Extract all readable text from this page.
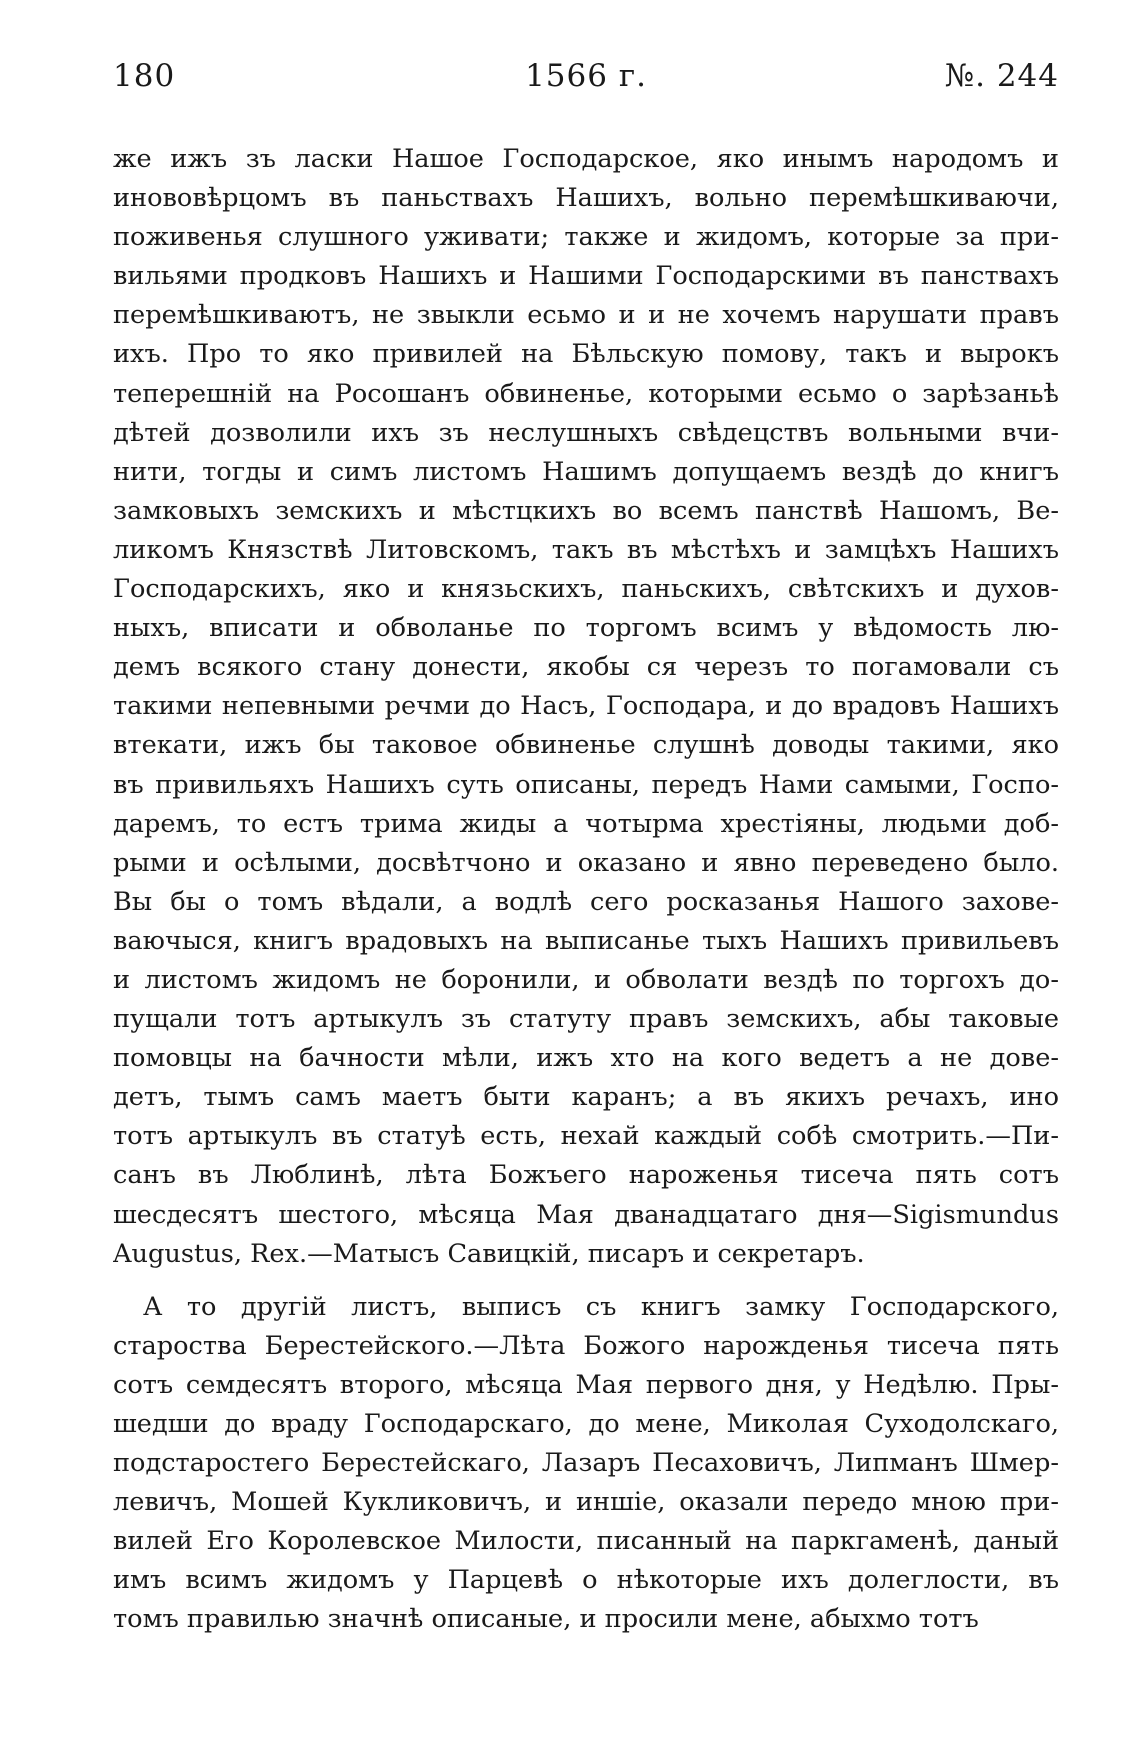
180	1566 г.	№. 244
же ижъ зъ ласки Нашое Господарское, яко инымъ народомъ и
инововѣрцомъ въ паньствахъ Нашихъ, вольно перемѣшкиваючи,
поживенья слушного уживати; также и жидомъ, которые за при-
вильями продковъ Нашихъ и Нашими Господарскими въ панствахъ
перемѣшкиваютъ, не звыкли есьмо и и не хочемъ нарушати правъ
ихъ. Про то яко привилей на Бѣльскую помову, такъ и вырокъ
теперешнiй на Росошанъ обвиненье, которыми есьмо о зарѣзаньѣ
дѣтей дозволили ихъ зъ неслушныхъ свѣдецствъ вольными вчи-
нити, тогды и симъ листомъ Нашимъ допущаемъ вездѣ до книгъ
замковыхъ земскихъ и мѣстцкихъ во всемъ панствѣ Нашомъ, Ве-
ликомъ Князствѣ Литовскомъ, такъ въ мѣстѣхъ и замцѣхъ Нашихъ
Господарскихъ, яко и князьскихъ, паньскихъ, свѣтскихъ и духов-
ныхъ, вписати и обволанье по торгомъ всимъ у вѣдомость лю-
демъ всякого стану донести, якобы ся черезъ то погамовали съ
такими непевными речми до Насъ, Господара, и до врадовъ Нашихъ
втекати, ижъ бы таковое обвиненье слушнѣ доводы такими, яко
въ привильяхъ Нашихъ суть описаны, передъ Нами самыми, Госпо-
даремъ, то естъ трима жиды а чотырма хрестiяны, людьми доб-
рыми и осѣлыми, досвѣтчоно и оказано и явно переведено было.
Вы бы о томъ вѣдали, а водлѣ сего росказанья Нашого захове-
ваючыся, книгъ врадовыхъ на выписанье тыхъ Нашихъ привильевъ
и листомъ жидомъ не боронили, и обволати вездѣ по торгохъ до-
пущали тотъ артыкулъ зъ статуту правъ земскихъ, абы таковые
помовцы на бачности мѣли, ижъ хто на кого ведетъ а не дове-
детъ, тымъ самъ маетъ быти каранъ; а въ якихъ речахъ, ино
тотъ артыкулъ въ статуѣ есть, нехай каждый собѣ смотрить.—Пи-
санъ въ Люблинѣ, лѣта Божъего нароженья тисеча пять сотъ
шесдесятъ шестого, мѣсяца Мая дванадцатаго дня—Sigismundus
Augustus, Rex.—Матысъ Савицкiй, писаръ и секретаръ.
А то другiй листъ, выписъ съ книгъ замку Господарского,
староства Берестейского.—Лѣта Божого нарожденья тисеча пять
сотъ семдесятъ второго, мѣсяца Мая первого дня, у Недѣлю. Пры-
шедши до враду Господарскаго, до мене, Миколая Суходолскаго,
подстаростего Берестейскаго, Лазаръ Песаховичъ, Липманъ Шмер-
левичъ, Мошей Кукликовичъ, и иншiе, оказали передо мною при-
вилей Его Королевское Милости, писанный на паркгаменѣ, даный
имъ всимъ жидомъ у Парцевѣ о нѣкоторые ихъ долеглости, въ
томъ правилью значнѣ описаные, и просили мене, абыхмо тотъ
